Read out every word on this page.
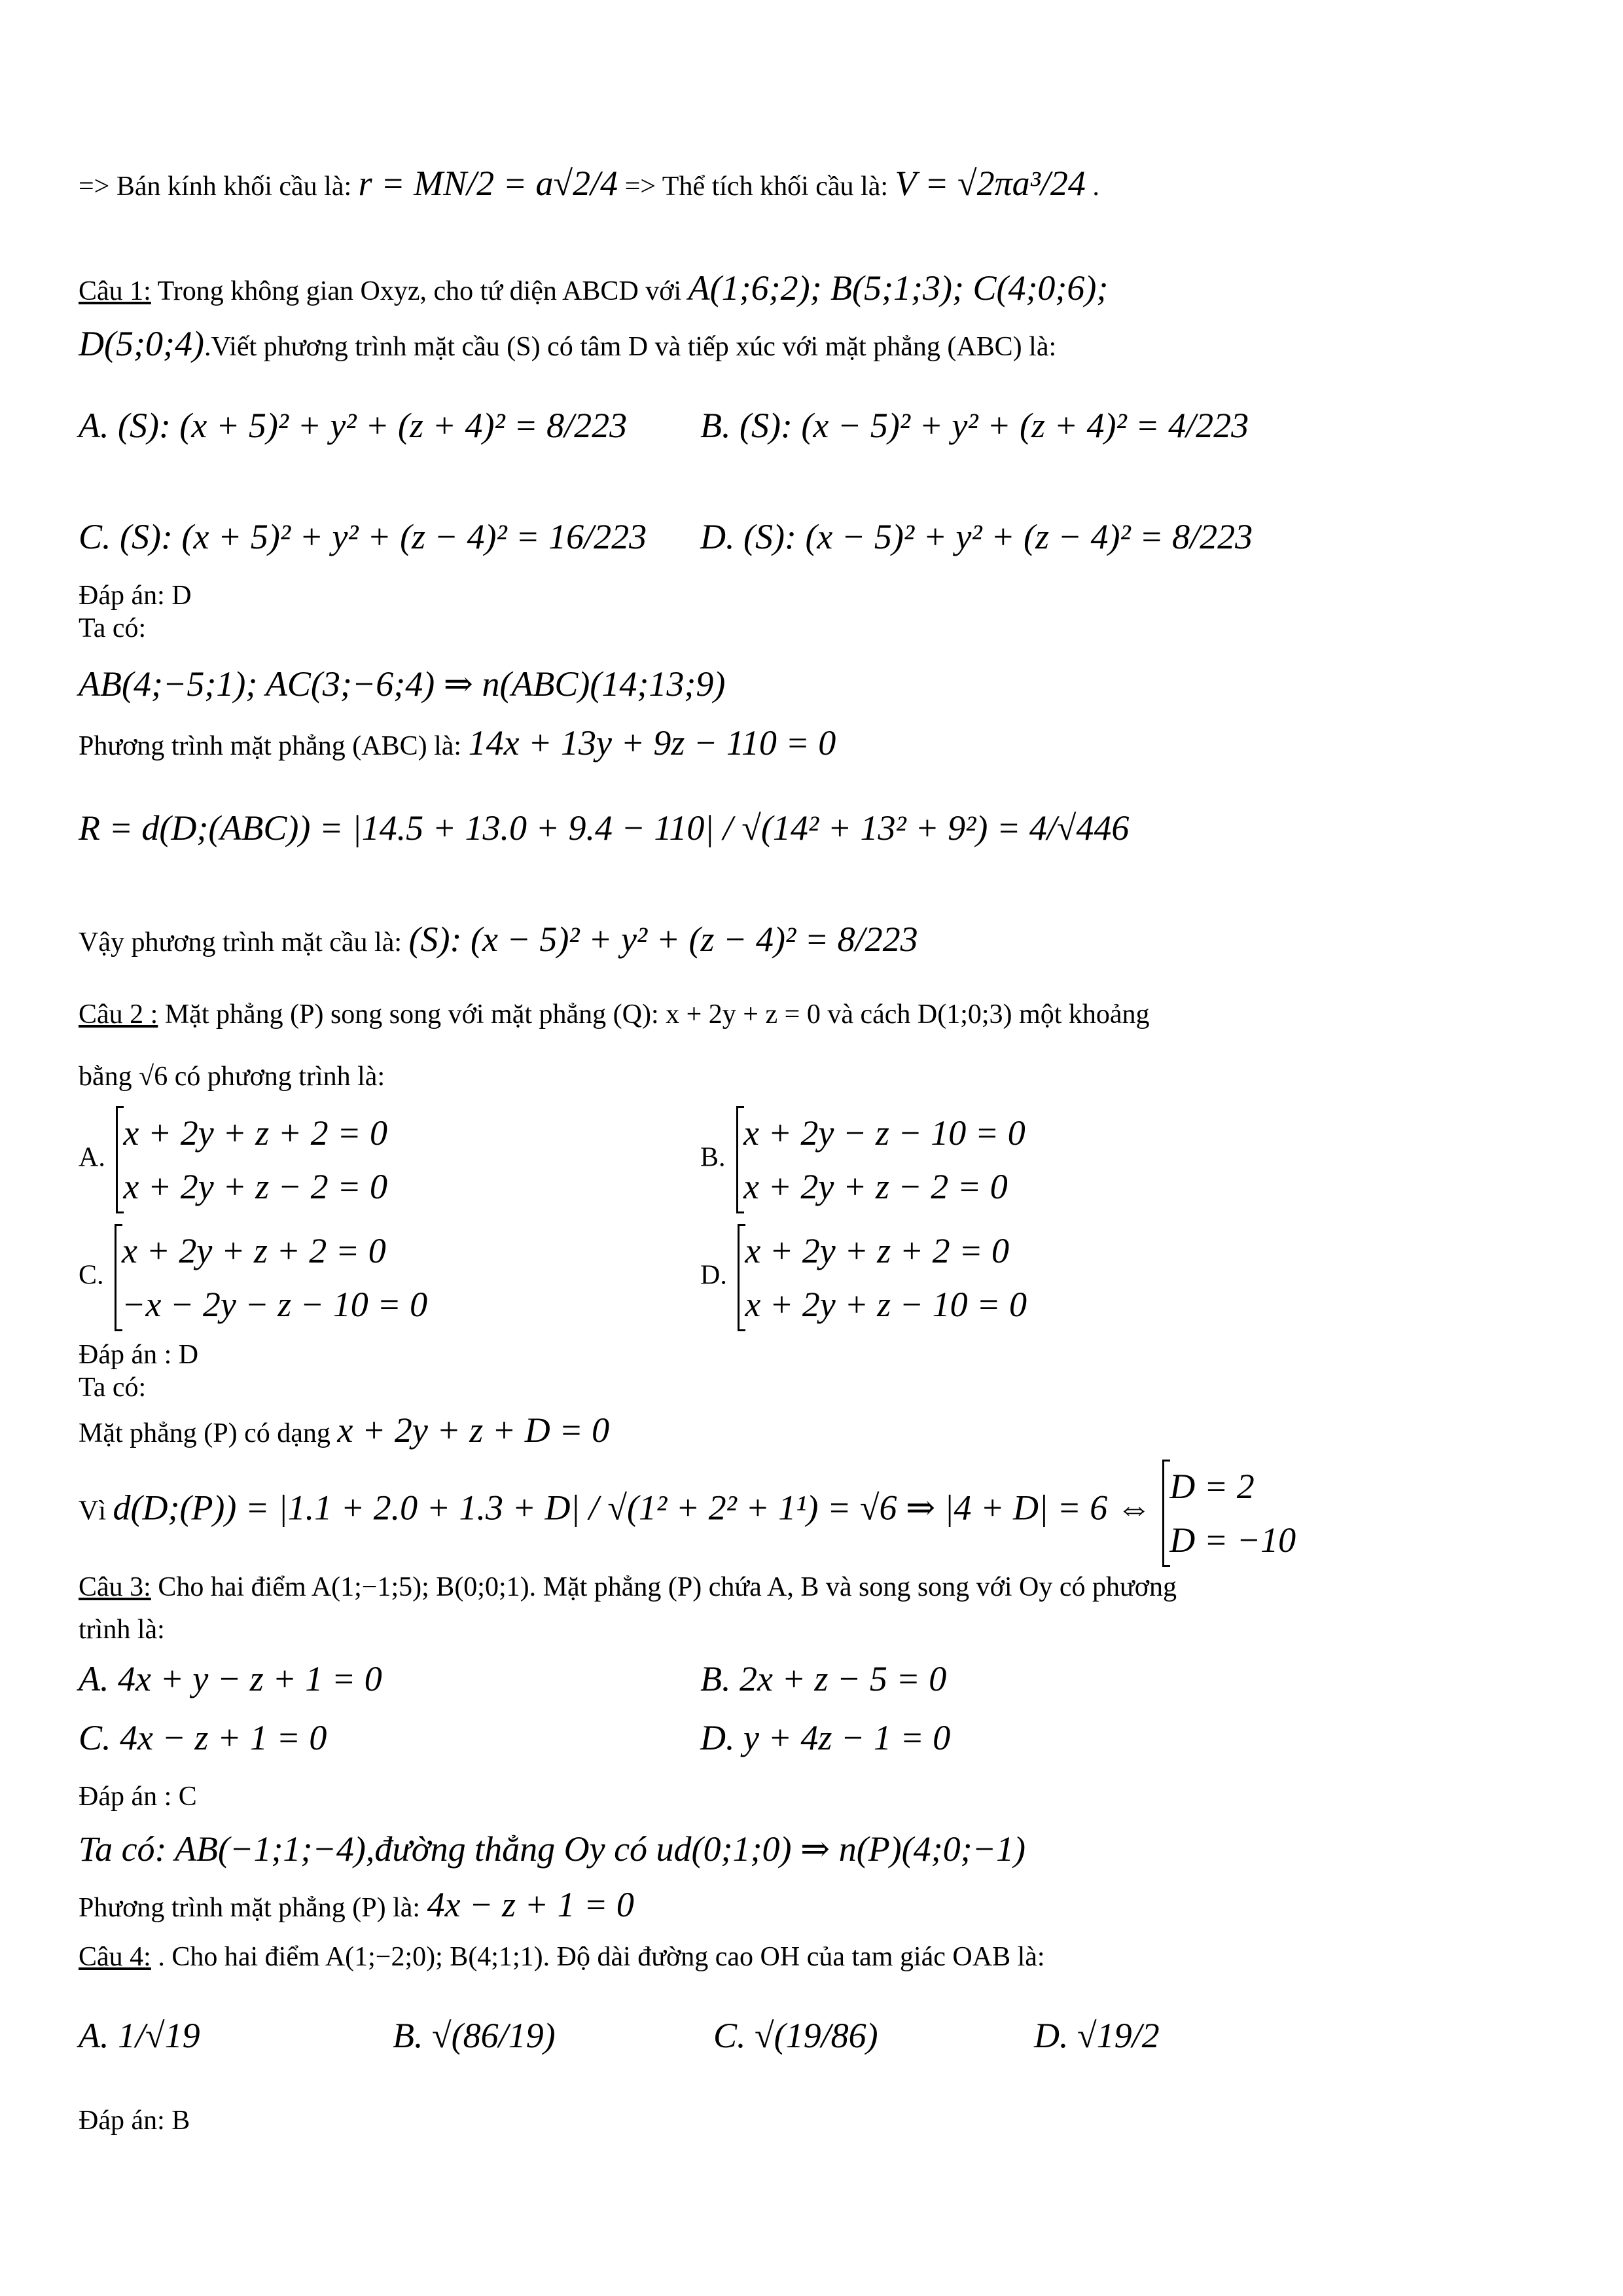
=> Bán kính khối cầu là: r = MN/2 = a√2/4 => Thể tích khối cầu là: V = √2πa³/24 .
Câu 1: Trong không gian Oxyz, cho tứ diện ABCD với A(1;6;2); B(5;1;3); C(4;0;6);
D(5;0;4).Viết phương trình mặt cầu (S) có tâm D và tiếp xúc với mặt phẳng (ABC) là:
A. (S): (x + 5)² + y² + (z + 4)² = 8/223 B. (S): (x − 5)² + y² + (z + 4)² = 4/223
C. (S): (x + 5)² + y² + (z − 4)² = 16/223 D. (S): (x − 5)² + y² + (z − 4)² = 8/223
Đáp án: D
Ta có:
AB(4;−5;1); AC(3;−6;4) ⇒ n(ABC)(14;13;9)
Phương trình mặt phẳng (ABC) là: 14x + 13y + 9z − 110 = 0
R = d(D;(ABC)) = |14.5 + 13.0 + 9.4 − 110| / √(14² + 13² + 9²) = 4/√446
Vậy phương trình mặt cầu là: (S): (x − 5)² + y² + (z − 4)² = 8/223
Câu 2 : Mặt phẳng (P) song song với mặt phẳng (Q): x + 2y + z = 0 và cách D(1;0;3) một khoảng
bằng √6 có phương trình là:
A.
x + 2y + z + 2 = 0
x + 2y + z − 2 = 0
B.
x + 2y − z − 10 = 0
x + 2y + z − 2 = 0
C.
x + 2y + z + 2 = 0
−x − 2y − z − 10 = 0
D.
x + 2y + z + 2 = 0
x + 2y + z − 10 = 0
Đáp án : D
Ta có:
Mặt phẳng (P) có dạng x + 2y + z + D = 0
Vì d(D;(P)) = |1.1 + 2.0 + 1.3 + D| / √(1² + 2² + 1¹) = √6 ⇒ |4 + D| = 6 ⇔
D = 2
D = −10
Câu 3: Cho hai điểm A(1;−1;5); B(0;0;1). Mặt phẳng (P) chứa A, B và song song với Oy có phương
trình là:
A. 4x + y − z + 1 = 0	B. 2x + z − 5 = 0
C. 4x − z + 1 = 0	D. y + 4z − 1 = 0
Đáp án : C
Ta có: AB(−1;1;−4),đường thẳng Oy có ud(0;1;0) ⇒ n(P)(4;0;−1)
Phương trình mặt phẳng (P) là: 4x − z + 1 = 0
Câu 4: . Cho hai điểm A(1;−2;0); B(4;1;1). Độ dài đường cao OH của tam giác OAB là:
A. 1/√19	B. √(86/19)	C. √(19/86)	D. √19/2
Đáp án: B
